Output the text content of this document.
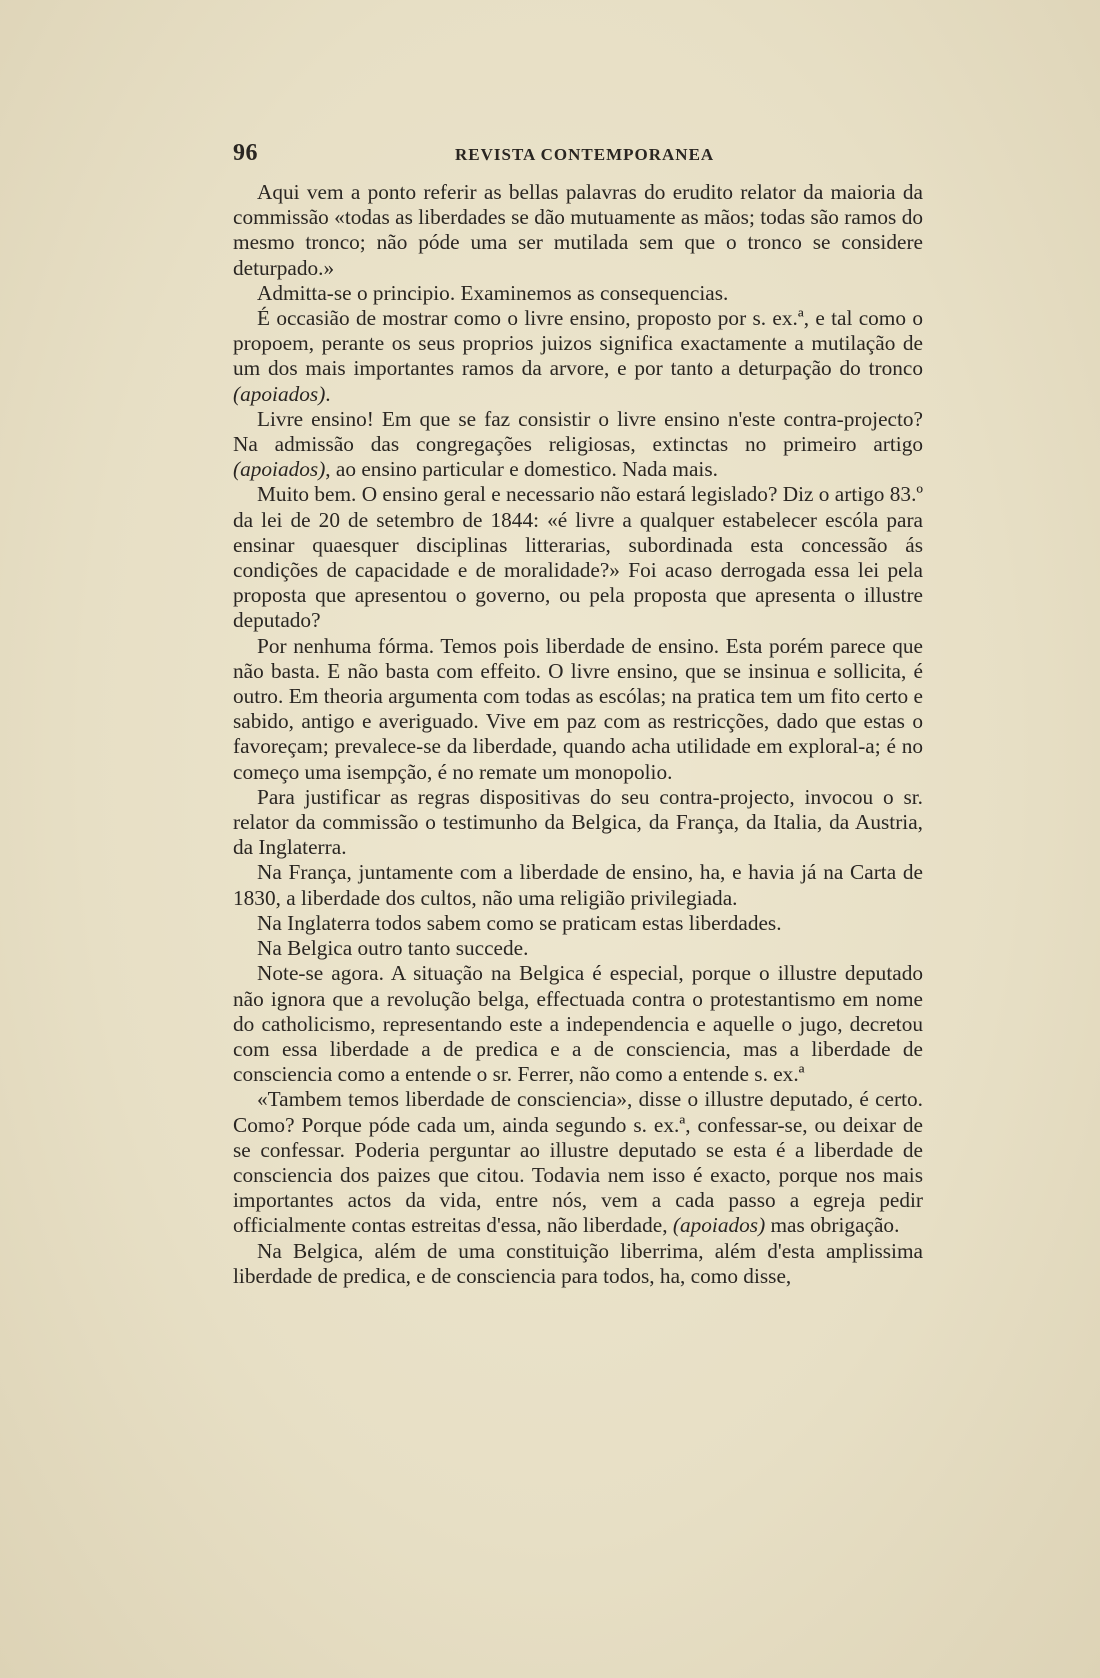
96	REVISTA CONTEMPORANEA

Aqui vem a ponto referir as bellas palavras do erudito relator da maioria da commissão «todas as liberdades se dão mutuamente as mãos; todas são ramos do mesmo tronco; não póde uma ser mutilada sem que o tronco se considere deturpado.»

Admitta-se o principio. Examinemos as consequencias.

É occasião de mostrar como o livre ensino, proposto por s. ex.ª, e tal como o propoem, perante os seus proprios juizos significa exactamente a mutilação de um dos mais importantes ramos da arvore, e por tanto a deturpação do tronco (apoiados).

Livre ensino! Em que se faz consistir o livre ensino n'este contra-projecto? Na admissão das congregações religiosas, extinctas no primeiro artigo (apoiados), ao ensino particular e domestico. Nada mais.

Muito bem. O ensino geral e necessario não estará legislado? Diz o artigo 83.º da lei de 20 de setembro de 1844: «é livre a qualquer estabelecer escóla para ensinar quaesquer disciplinas litterarias, subordinada esta concessão ás condições de capacidade e de moralidade?» Foi acaso derrogada essa lei pela proposta que apresentou o governo, ou pela proposta que apresenta o illustre deputado?

Por nenhuma fórma. Temos pois liberdade de ensino. Esta porém parece que não basta. E não basta com effeito. O livre ensino, que se insinua e sollicita, é outro. Em theoria argumenta com todas as escólas; na pratica tem um fito certo e sabido, antigo e averiguado. Vive em paz com as restricções, dado que estas o favoreçam; prevalece-se da liberdade, quando acha utilidade em exploral-a; é no começo uma isempção, é no remate um monopolio.

Para justificar as regras dispositivas do seu contra-projecto, invocou o sr. relator da commissão o testimunho da Belgica, da França, da Italia, da Austria, da Inglaterra.

Na França, juntamente com a liberdade de ensino, ha, e havia já na Carta de 1830, a liberdade dos cultos, não uma religião privilegiada.

Na Inglaterra todos sabem como se praticam estas liberdades.

Na Belgica outro tanto succede.

Note-se agora. A situação na Belgica é especial, porque o illustre deputado não ignora que a revolução belga, effectuada contra o protestantismo em nome do catholicismo, representando este a independencia e aquelle o jugo, decretou com essa liberdade a de predica e a de consciencia, mas a liberdade de consciencia como a entende o sr. Ferrer, não como a entende s. ex.ª

«Tambem temos liberdade de consciencia», disse o illustre deputado, é certo. Como? Porque póde cada um, ainda segundo s. ex.ª, confessar-se, ou deixar de se confessar. Poderia perguntar ao illustre deputado se esta é a liberdade de consciencia dos paizes que citou. Todavia nem isso é exacto, porque nos mais importantes actos da vida, entre nós, vem a cada passo a egreja pedir officialmente contas estreitas d'essa, não liberdade, (apoiados) mas obrigação.

Na Belgica, além de uma constituição liberrima, além d'esta amplissima liberdade de predica, e de consciencia para todos, ha, como disse,
